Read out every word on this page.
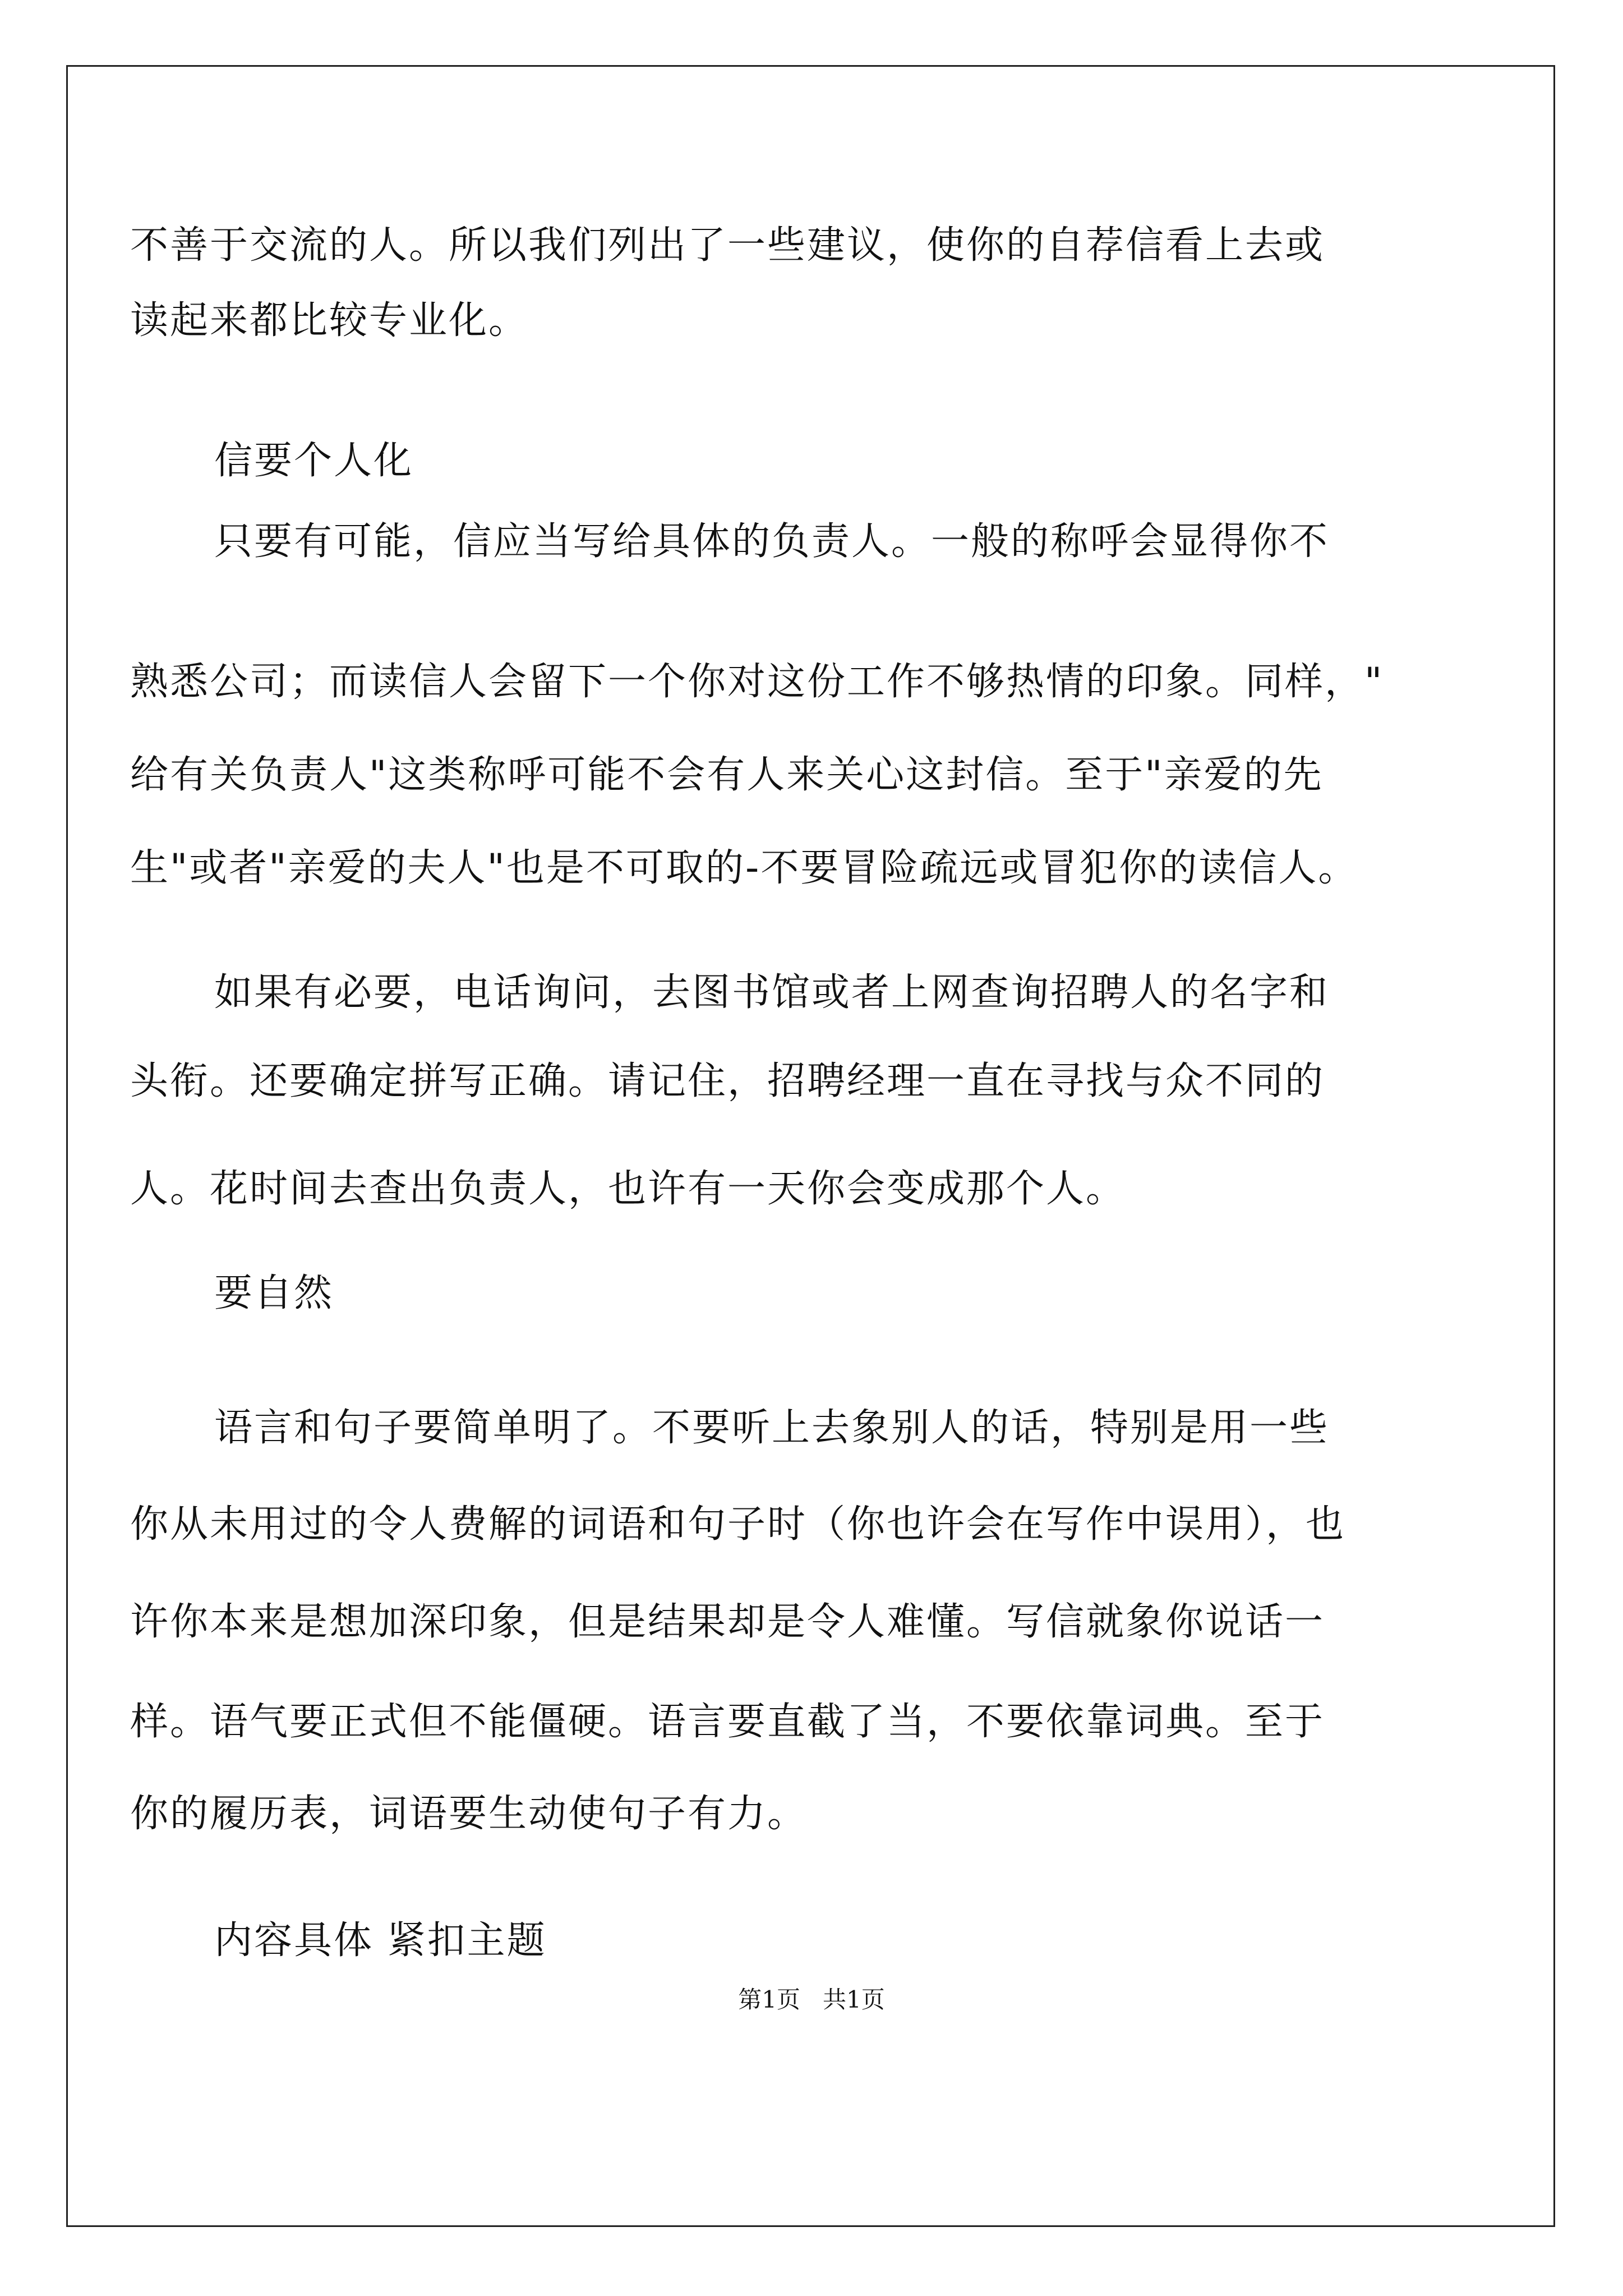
不善于交流的人。所以我们列出了一些建议，使你的自荐信看上去或
读起来都比较专业化。
信要个人化
只要有可能，信应当写给具体的负责人。一般的称呼会显得你不
熟悉公司；而读信人会留下一个你对这份工作不够热情的印象。同样，"
给有关负责人"这类称呼可能不会有人来关心这封信。至于"亲爱的先
生"或者"亲爱的夫人"也是不可取的-不要冒险疏远或冒犯你的读信人。
如果有必要，电话询问，去图书馆或者上网查询招聘人的名字和
头衔。还要确定拼写正确。请记住，招聘经理一直在寻找与众不同的
人。花时间去查出负责人，也许有一天你会变成那个人。
要自然
语言和句子要简单明了。不要听上去象别人的话，特别是用一些
你从未用过的令人费解的词语和句子时（你也许会在写作中误用），也
许你本来是想加深印象，但是结果却是令人难懂。写信就象你说话一
样。语气要正式但不能僵硬。语言要直截了当，不要依靠词典。至于
你的履历表，词语要生动使句子有力。
内容具体 紧扣主题
第1页 共1页
